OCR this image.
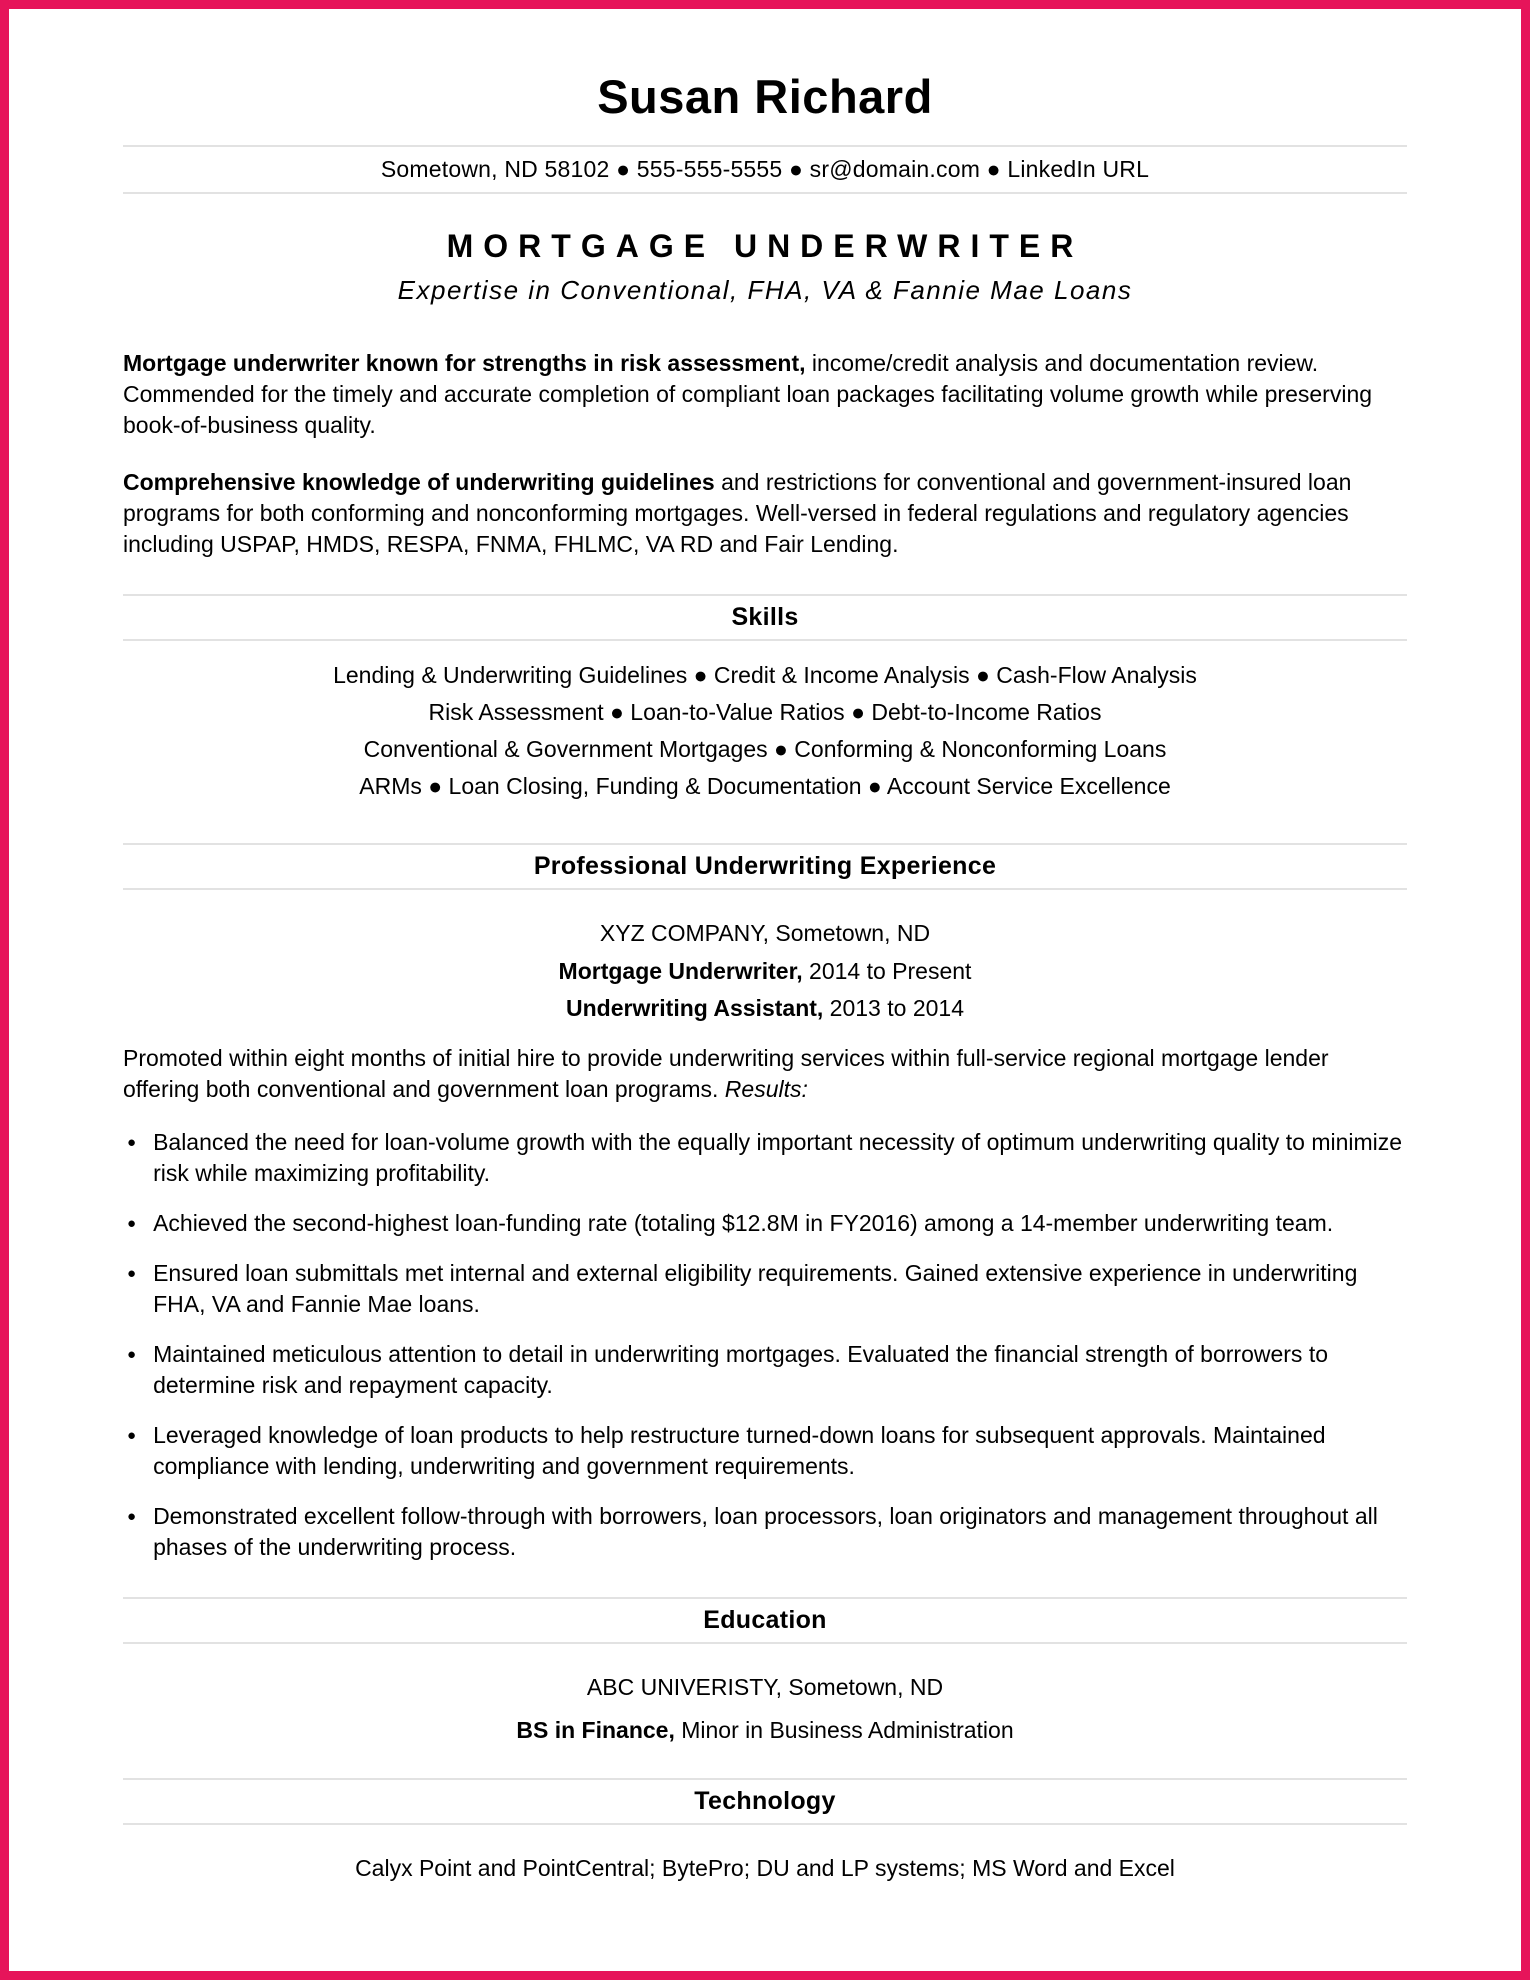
Susan Richard
Sometown, ND 58102 ● 555-555-5555 ● sr@domain.com ● LinkedIn URL

MORTGAGE UNDERWRITER

Expertise in Conventional, FHA, VA & Fannie Mae Loans

Mortgage underwriter known for strengths in risk assessment, income/credit analysis and documentation review. Commended for the timely and accurate completion of compliant loan packages facilitating volume growth while preserving book-of-business quality.

Comprehensive knowledge of underwriting guidelines and restrictions for conventional and government-insured loan programs for both conforming and nonconforming mortgages. Well-versed in federal regulations and regulatory agencies including USPAP, HMDS, RESPA, FNMA, FHLMC, VA RD and Fair Lending.

Skills

Lending & Underwriting Guidelines ● Credit & Income Analysis ● Cash-Flow Analysis

Risk Assessment ● Loan-to-Value Ratios ● Debt-to-Income Ratios

Conventional & Government Mortgages ● Conforming & Nonconforming Loans

ARMs ● Loan Closing, Funding & Documentation ● Account Service Excellence

Professional Underwriting Experience

XYZ COMPANY, Sometown, ND

Mortgage Underwriter, 2014 to Present

Underwriting Assistant, 2013 to 2014

Promoted within eight months of initial hire to provide underwriting services within full-service regional mortgage lender offering both conventional and government loan programs. Results:

● Balanced the need for loan-volume growth with the equally important necessity of optimum underwriting quality to minimize risk while maximizing profitability.
● Achieved the second-highest loan-funding rate (totaling $12.8M in FY2016) among a 14-member underwriting team.
● Ensured loan submittals met internal and external eligibility requirements. Gained extensive experience in underwriting FHA, VA and Fannie Mae loans.
● Maintained meticulous attention to detail in underwriting mortgages. Evaluated the financial strength of borrowers to determine risk and repayment capacity.
● Leveraged knowledge of loan products to help restructure turned-down loans for subsequent approvals. Maintained compliance with lending, underwriting and government requirements.
● Demonstrated excellent follow-through with borrowers, loan processors, loan originators and management throughout all phases of the underwriting process.
Education

ABC UNIVERISTY, Sometown, ND

BS in Finance, Minor in Business Administration

Technology

Calyx Point and PointCentral; BytePro; DU and LP systems; MS Word and Excel
